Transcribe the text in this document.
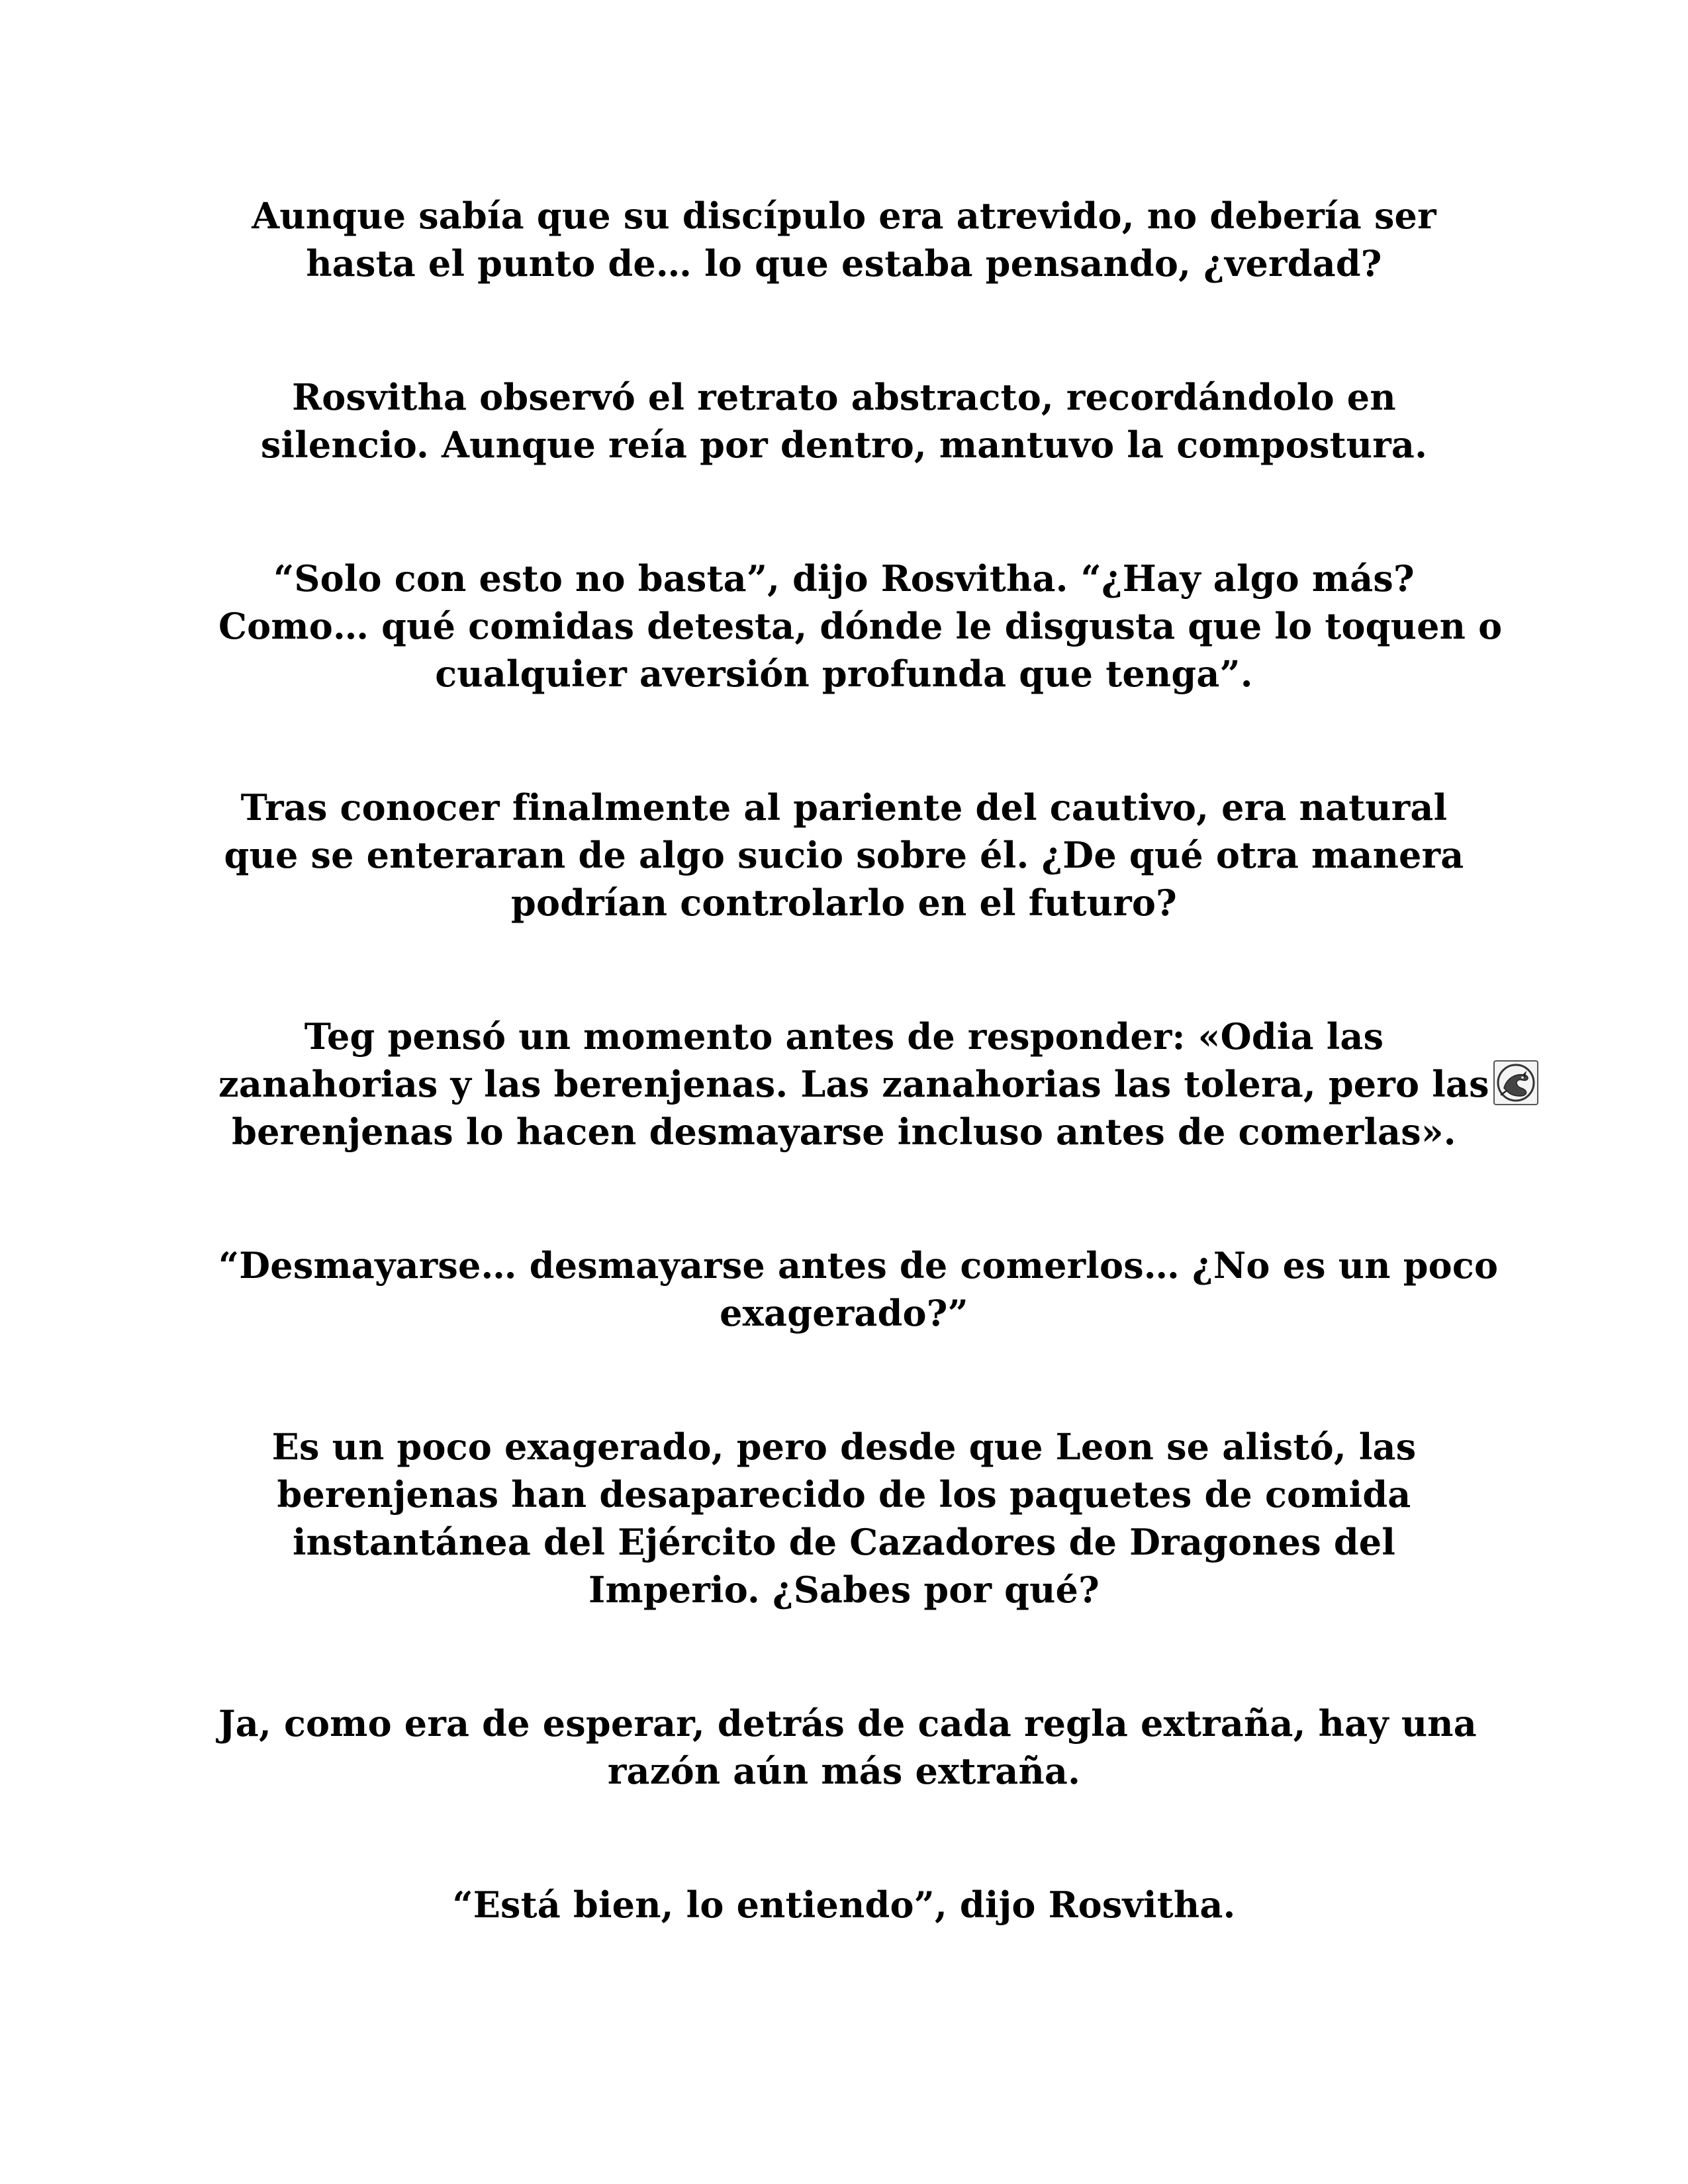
Aunque sabía que su discípulo era atrevido, no debería ser
hasta el punto de… lo que estaba pensando, ¿verdad?

Rosvitha observó el retrato abstracto, recordándolo en
silencio. Aunque reía por dentro, mantuvo la compostura.

“Solo con esto no basta”, dijo Rosvitha. “¿Hay algo más?
Como… qué comidas detesta, dónde le disgusta que lo toquen o
cualquier aversión profunda que tenga”.

Tras conocer finalmente al pariente del cautivo, era natural
que se enteraran de algo sucio sobre él. ¿De qué otra manera
podrían controlarlo en el futuro?

Teg pensó un momento antes de responder: «Odia las
zanahorias y las berenjenas. Las zanahorias las tolera, pero las
berenjenas lo hacen desmayarse incluso antes de comerlas».

“Desmayarse… desmayarse antes de comerlos… ¿No es un poco
exagerado?”

Es un poco exagerado, pero desde que Leon se alistó, las
berenjenas han desaparecido de los paquetes de comida
instantánea del Ejército de Cazadores de Dragones del
Imperio. ¿Sabes por qué?

Ja, como era de esperar, detrás de cada regla extraña, hay una
razón aún más extraña.

“Está bien, lo entiendo”, dijo Rosvitha.
